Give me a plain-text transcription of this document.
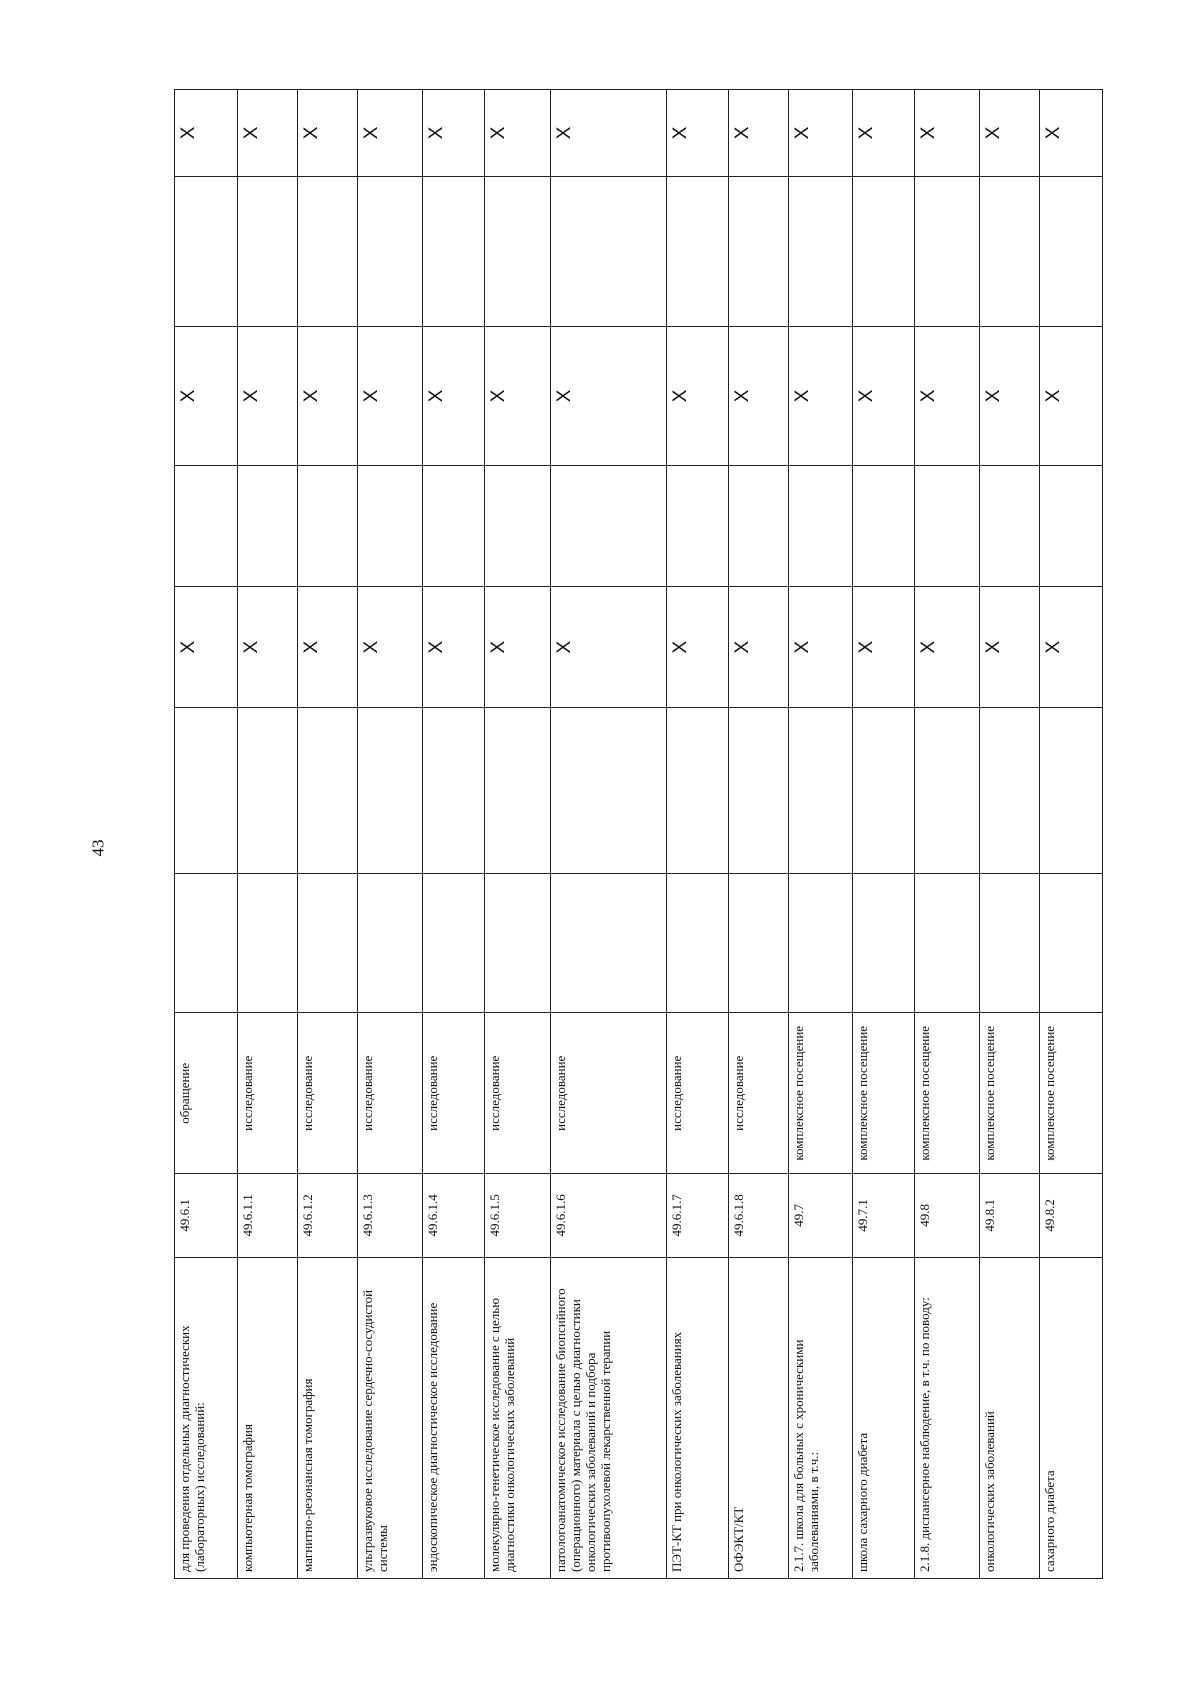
43
для проведения отдельных диагностических (лабораторных) исследований:	49.6.1	обращение			X		X		X
компьютерная томография	49.6.1.1	исследование			X		X		X
магнитно-резонансная томография	49.6.1.2	исследование			X		X		X
ультразвуковое исследование сердечно-сосудистой системы	49.6.1.3	исследование			X		X		X
эндоскопическое диагностическое исследование	49.6.1.4	исследование			X		X		X
молекулярно-генетическое исследование с целью диагностики онкологических заболеваний	49.6.1.5	исследование			X		X		X
патологоанатомическое исследование биопсийного (операционного) материала с целью диагностики онкологических заболеваний и подбора противоопухолевой лекарственной терапии	49.6.1.6	исследование			X		X		X
ПЭТ-КТ при онкологических заболеваниях	49.6.1.7	исследование			X		X		X
ОФЭКТ/КТ	49.6.1.8	исследование			X		X		X
2.1.7. школа для больных с хроническими заболеваниями, в т.ч.:	49.7	комплексное посещение			X		X		X
школа сахарного диабета	49.7.1	комплексное посещение			X		X		X
2.1.8. диспансерное наблюдение, в т.ч. по поводу:	49.8	комплексное посещение			X		X		X
онкологических заболеваний	49.8.1	комплексное посещение			X		X		X
сахарного диабета	49.8.2	комплексное посещение			X		X		X
